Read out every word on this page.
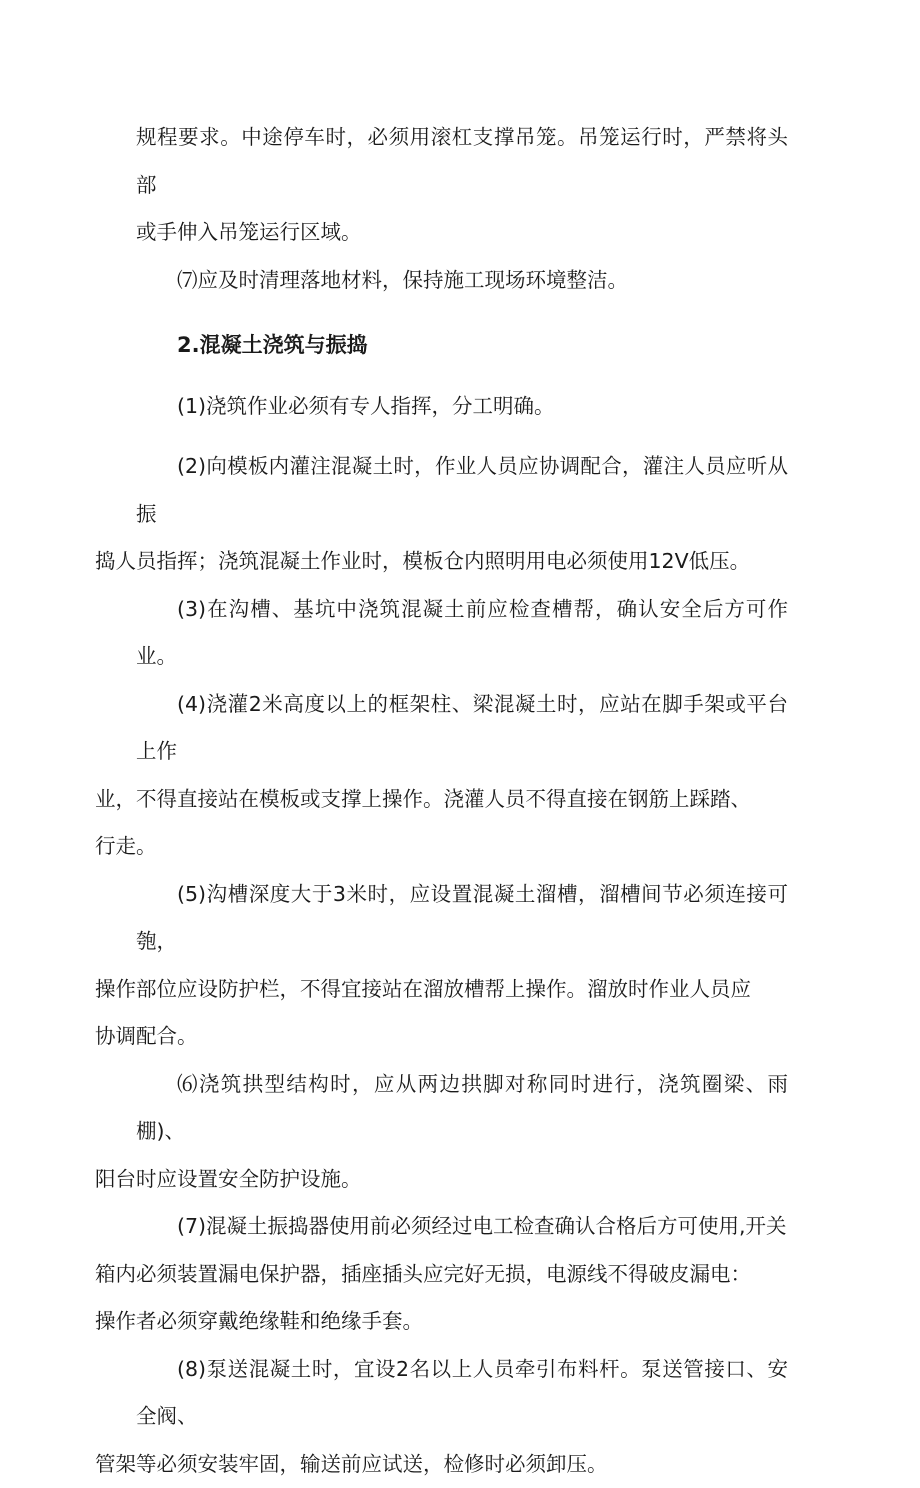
规程要求。中途停车时，必须用滚杠支撑吊笼。吊笼运行时，严禁将头部
或手伸入吊笼运行区域。

⑺应及时清理落地材料，保持施工现场环境整洁。

2.混凝土浇筑与振捣

(1)浇筑作业必须有专人指挥，分工明确。

(2)向模板内灌注混凝土时，作业人员应协调配合，灌注人员应听从振
捣人员指挥；浇筑混凝土作业时，模板仓内照明用电必须使用12V低压。

(3)在沟槽、基坑中浇筑混凝土前应检查槽帮，确认安全后方可作业。

(4)浇灌2米高度以上的框架柱、梁混凝土时，应站在脚手架或平台上作
业，不得直接站在模板或支撑上操作。浇灌人员不得直接在钢筋上踩踏、
行走。

(5)沟槽深度大于3米时，应设置混凝土溜槽，溜槽间节必须连接可匏，
操作部位应设防护栏，不得宜接站在溜放槽帮上操作。溜放时作业人员应
协调配合。

⑹浇筑拱型结构时，应从两边拱脚对称同时进行，浇筑圈梁、雨棚)、
阳台时应设置安全防护设施。

(7)混凝土振捣器使用前必须经过电工检查确认合格后方可使用,开关
箱内必须装置漏电保护器，插座插头应完好无损，电源线不得破皮漏电：
操作者必须穿戴绝缘鞋和绝缘手套。

(8)泵送混凝土时，宜设2名以上人员牵引布料杆。泵送管接口、安全阀、
管架等必须安装牢固，输送前应试送，检修时必须卸压。
